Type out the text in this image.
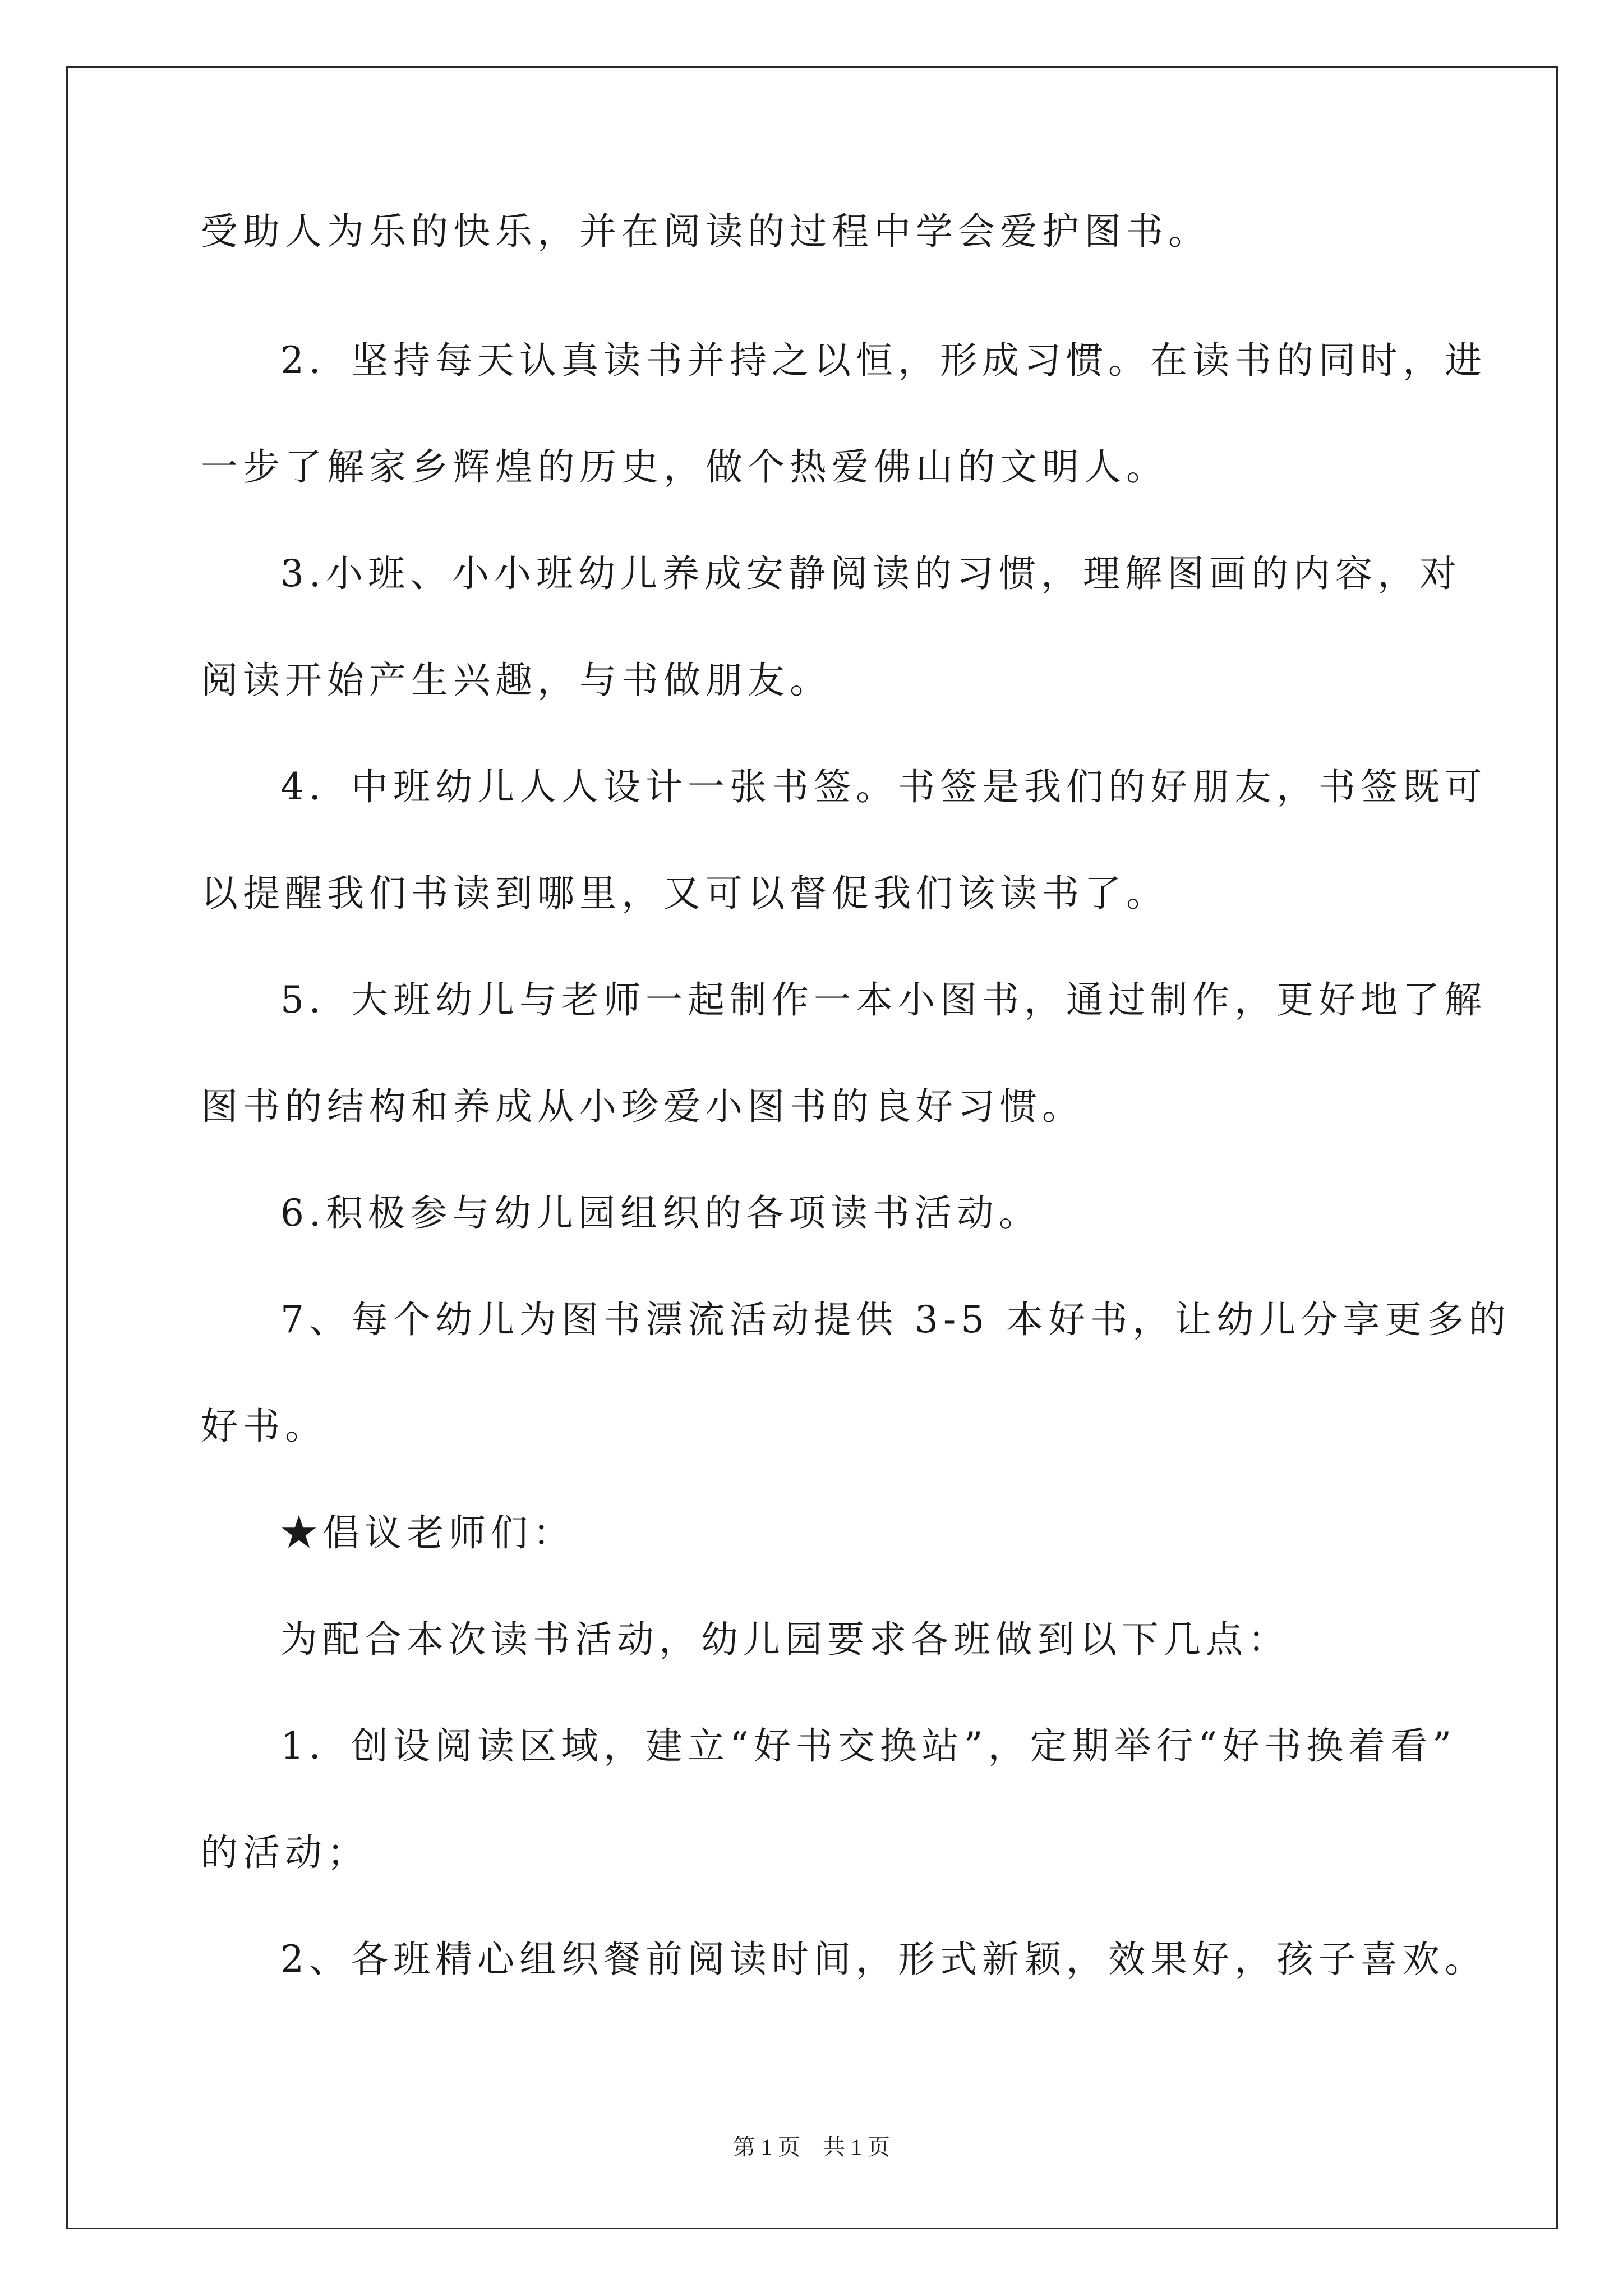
受助人为乐的快乐，并在阅读的过程中学会爱护图书。
2．坚持每天认真读书并持之以恒，形成习惯。在读书的同时，进
一步了解家乡辉煌的历史，做个热爱佛山的文明人。
3.小班、小小班幼儿养成安静阅读的习惯，理解图画的内容，对
阅读开始产生兴趣，与书做朋友。
4．中班幼儿人人设计一张书签。书签是我们的好朋友，书签既可
以提醒我们书读到哪里，又可以督促我们该读书了。
5．大班幼儿与老师一起制作一本小图书，通过制作，更好地了解
图书的结构和养成从小珍爱小图书的良好习惯。
6.积极参与幼儿园组织的各项读书活动。
7、每个幼儿为图书漂流活动提供 3-5 本好书，让幼儿分享更多的
好书。
★倡议老师们：
为配合本次读书活动，幼儿园要求各班做到以下几点：
1．创设阅读区域，建立“好书交换站”，定期举行“好书换着看”
的活动；
2、各班精心组织餐前阅读时间，形式新颖，效果好，孩子喜欢。
第 1 页　共 1 页
